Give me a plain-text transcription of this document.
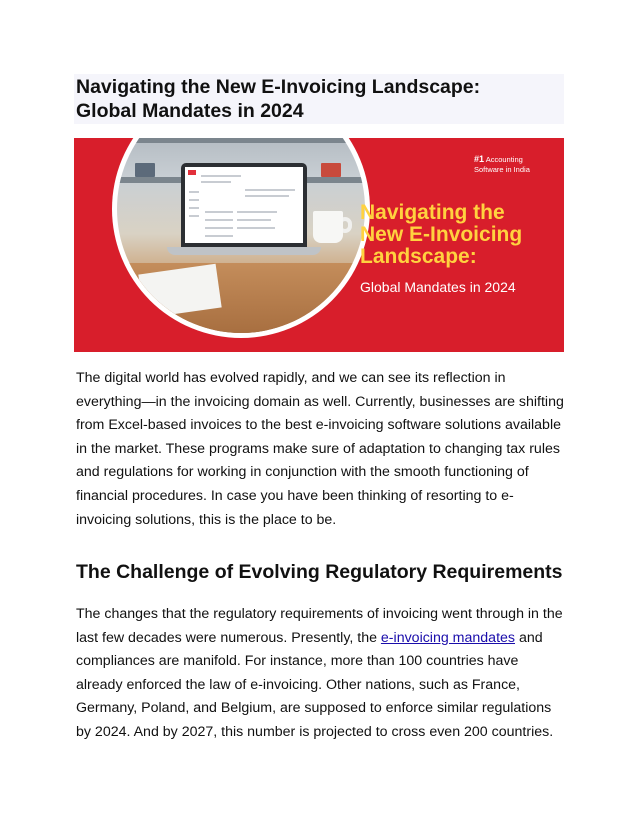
Navigating the New E-Invoicing Landscape:
Global Mandates in 2024
#1 Accounting
Software in India
Navigating the
New E-Invoicing
Landscape:
Global Mandates in 2024

The digital world has evolved rapidly, and we can see its reflection in everything—in the invoicing domain as well. Currently, businesses are shifting from Excel-based invoices to the best e-invoicing software solutions available in the market. These programs make sure of adaptation to changing tax rules and regulations for working in conjunction with the smooth functioning of financial procedures. In case you have been thinking of resorting to e-invoicing solutions, this is the place to be.

The Challenge of Evolving Regulatory Requirements

The changes that the regulatory requirements of invoicing went through in the last few decades were numerous. Presently, the e-invoicing mandates and compliances are manifold. For instance, more than 100 countries have already enforced the law of e-invoicing. Other nations, such as France, Germany, Poland, and Belgium, are supposed to enforce similar regulations by 2024. And by 2027, this number is projected to cross even 200 countries.
